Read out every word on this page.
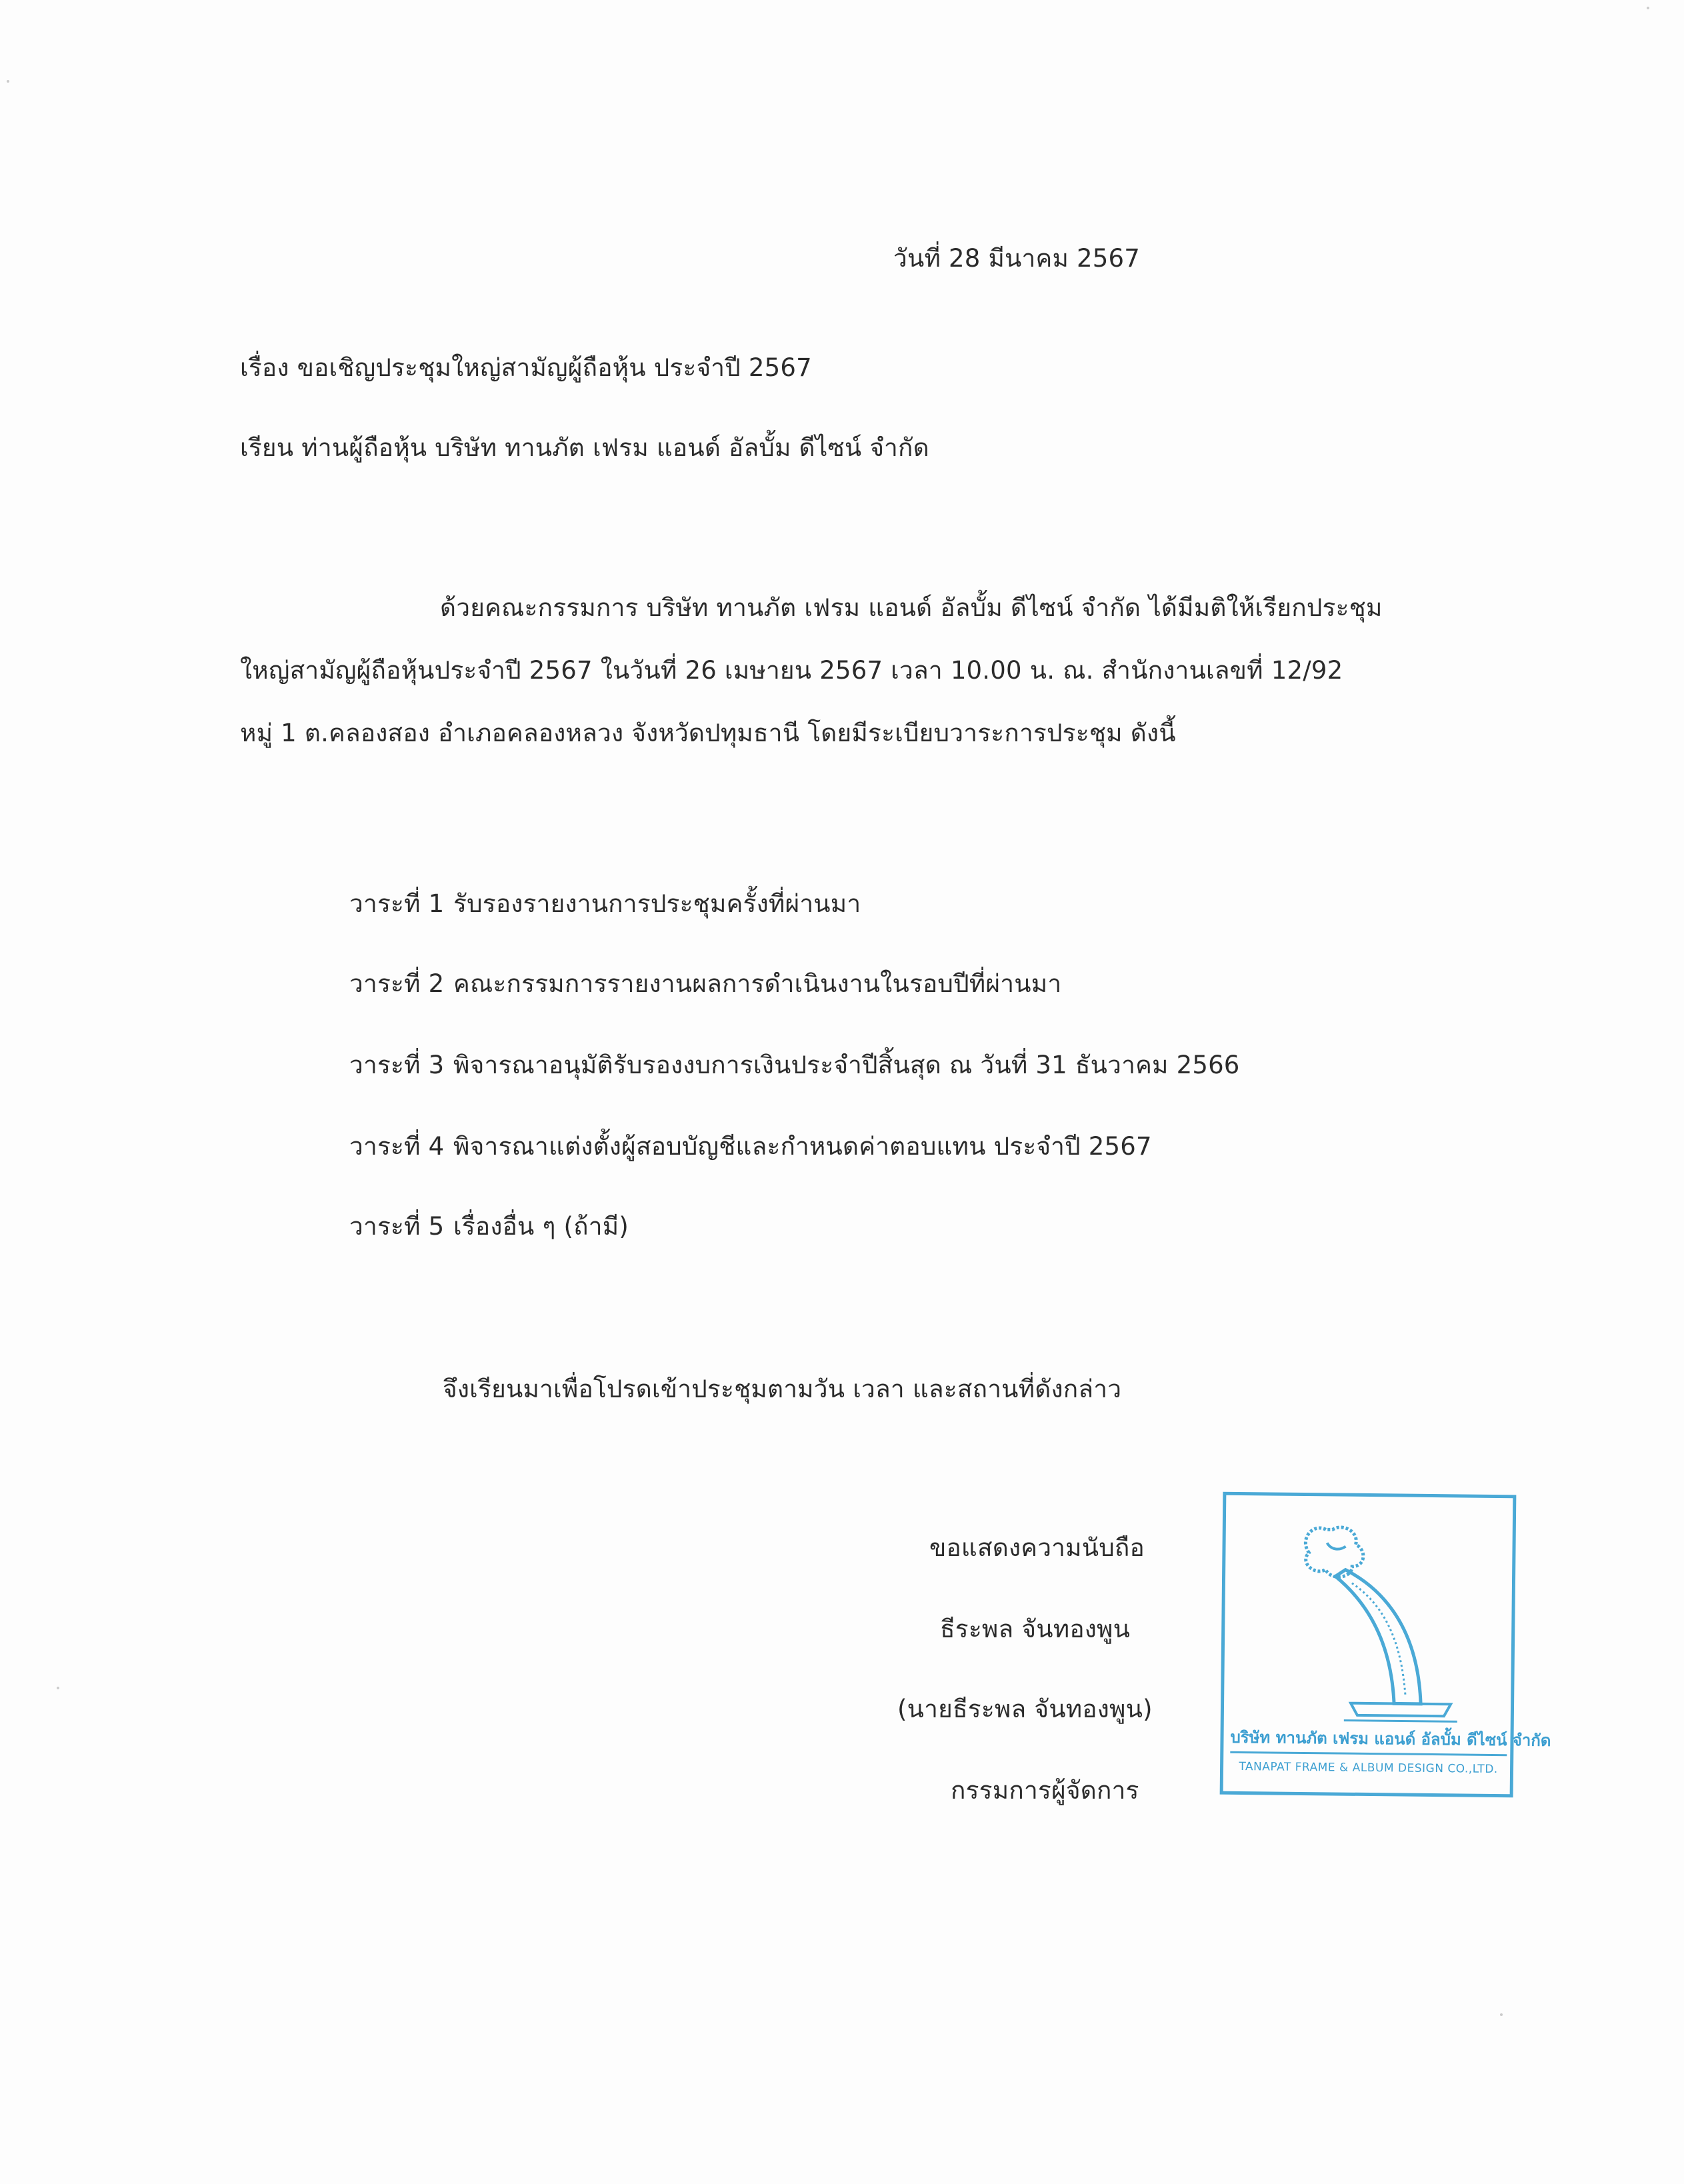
วันที่ 28 มีนาคม 2567
เรื่อง ขอเชิญประชุมใหญ่สามัญผู้ถือหุ้น ประจำปี 2567
เรียน ท่านผู้ถือหุ้น บริษัท ทานภัต เฟรม แอนด์ อัลบั้ม ดีไซน์ จำกัด
ด้วยคณะกรรมการ บริษัท ทานภัต เฟรม แอนด์ อัลบั้ม ดีไซน์ จำกัด ได้มีมติให้เรียกประชุม
ใหญ่สามัญผู้ถือหุ้นประจำปี 2567 ในวันที่ 26 เมษายน 2567 เวลา 10.00 น. ณ. สำนักงานเลขที่ 12/92
หมู่ 1 ต.คลองสอง อำเภอคลองหลวง จังหวัดปทุมธานี โดยมีระเบียบวาระการประชุม ดังนี้
วาระที่ 1 รับรองรายงานการประชุมครั้งที่ผ่านมา
วาระที่ 2 คณะกรรมการรายงานผลการดำเนินงานในรอบปีที่ผ่านมา
วาระที่ 3 พิจารณาอนุมัติรับรองงบการเงินประจำปีสิ้นสุด ณ วันที่ 31 ธันวาคม 2566
วาระที่ 4 พิจารณาแต่งตั้งผู้สอบบัญชีและกำหนดค่าตอบแทน ประจำปี 2567
วาระที่ 5 เรื่องอื่น ๆ (ถ้ามี)
จึงเรียนมาเพื่อโปรดเข้าประชุมตามวัน เวลา และสถานที่ดังกล่าว
ขอแสดงความนับถือ
ธีระพล จันทองพูน
(นายธีระพล จันทองพูน)
กรรมการผู้จัดการ
บริษัท ทานภัต เฟรม แอนด์ อัลบั้ม ดีไซน์ จำกัด
TANAPAT FRAME & ALBUM DESIGN CO.,LTD.
